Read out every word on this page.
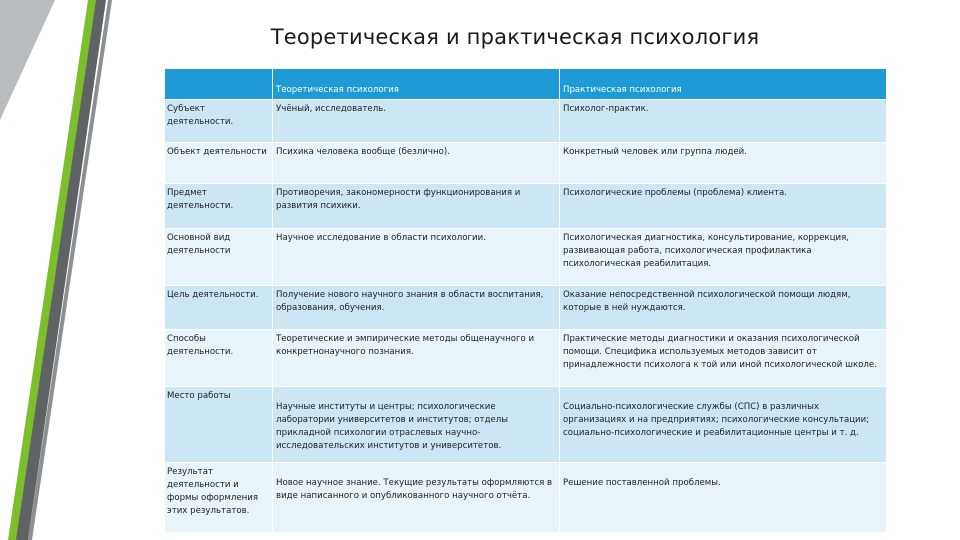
Теоретическая и практическая психология
	Теоретическая психология	Практическая психология
Субъект деятельности.	Учёный, исследователь.	Психолог-практик.
Объект деятельности	Психика человека вообще (безлично).	Конкретный человек или группа людей.
Предмет деятельности.	Противоречия, закономерности функционирования и развития психики.	Психологические проблемы (проблема) клиента.
Основной вид деятельности	Научное исследование в области психологии.	Психологическая диагностика, консультирование, коррекция, развивающая работа, психологическая профилактика психологическая реабилитация.
Цель деятельности.	Получение нового научного знания в области воспитания, образования, обучения.	Оказание непосредственной психологической помощи людям, которые в ней нуждаются.
Способы деятельности.	Теоретические и эмпирические методы общенаучного и конкретнонаучного познания.	Практические методы диагностики и оказания психологической помощи. Специфика используемых методов зависит от принадлежности психолога к той или иной психологической школе.
Место работы	Научные институты и центры; психологические лаборатории университетов и институтов; отделы прикладной психологии отраслевых научно-исследовательских институтов и университетов.	Социально-психологические службы (СПС) в различных организациях и на предприятиях; психологические консультации; социально-психологические и реабилитационные центры и т. д.
Результат деятельности и формы оформления этих результатов.	Новое научное знание. Текущие результаты оформляются в виде написанного и опубликованного научного отчёта.	Решение поставленной проблемы.
